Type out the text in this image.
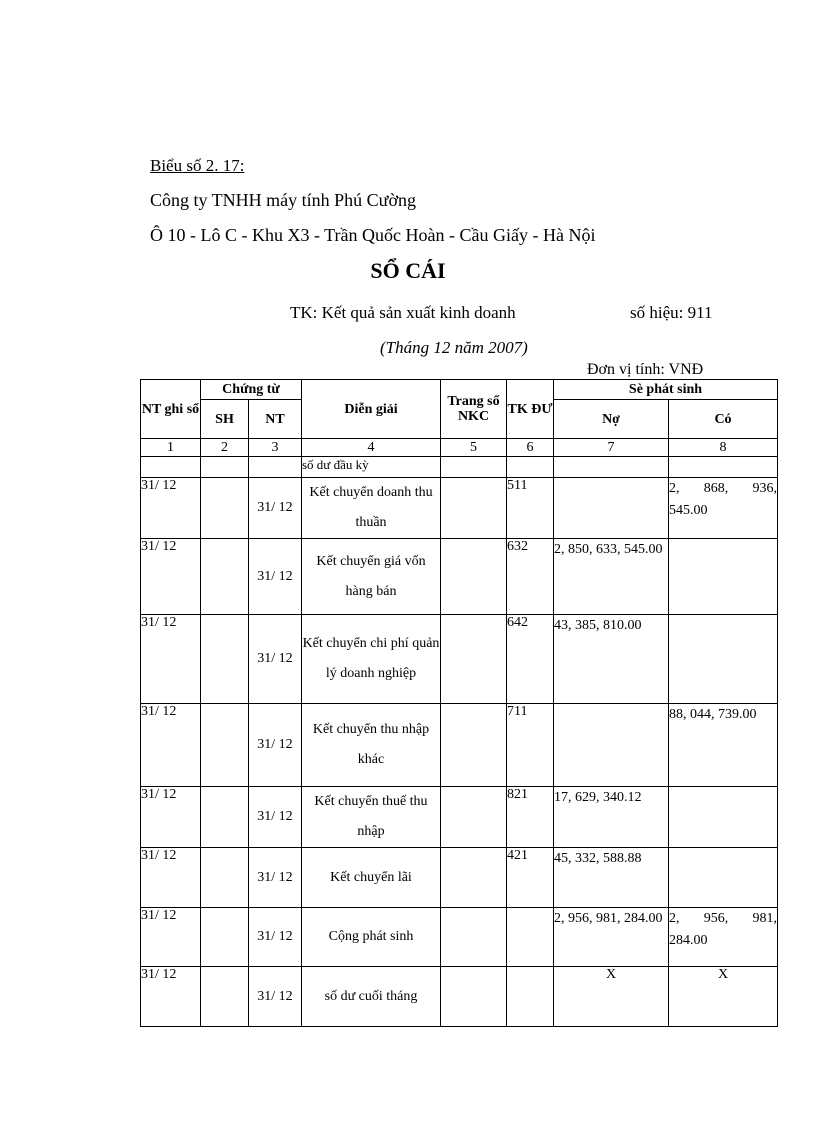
Biểu số 2. 17:
Công ty TNHH máy tính Phú Cường
Ô 10 - Lô C - Khu X3 - Trần Quốc Hoàn - Cầu Giấy - Hà Nội
SỔ CÁI
TK: Kết quả sản xuất kinh doanh	số hiệu: 911
(Tháng 12 năm 2007)
Đơn vị tính: VNĐ
NT ghi sổ	Chứng từ		Diễn giải	Trang sổ NKC	TK ĐƯ	Sè phát sinh	
	SH	NT				Nợ	Có
1	2	3	4	5	6	7	8
			số dư đầu kỳ				
31/ 12		31/ 12	Kết chuyển doanh thu thuần		511		2, 868, 936, 545.00
31/ 12		31/ 12	Kết chuyển giá vốn hàng bán		632	2, 850, 633, 545.00	
31/ 12		31/ 12	Kết chuyển chi phí quản lý doanh nghiệp		642	43, 385, 810.00	
31/ 12		31/ 12	Kết chuyển thu nhập khác		711		88, 044, 739.00
31/ 12		31/ 12	Kết chuyển thuế thu nhập		821	17, 629, 340.12	
31/ 12		31/ 12	Kết chuyển lãi		421	45, 332, 588.88	
31/ 12		31/ 12	Cộng phát sinh			2, 956, 981, 284.00	2, 956, 981, 284.00
31/ 12		31/ 12	số dư cuối tháng			X	X
